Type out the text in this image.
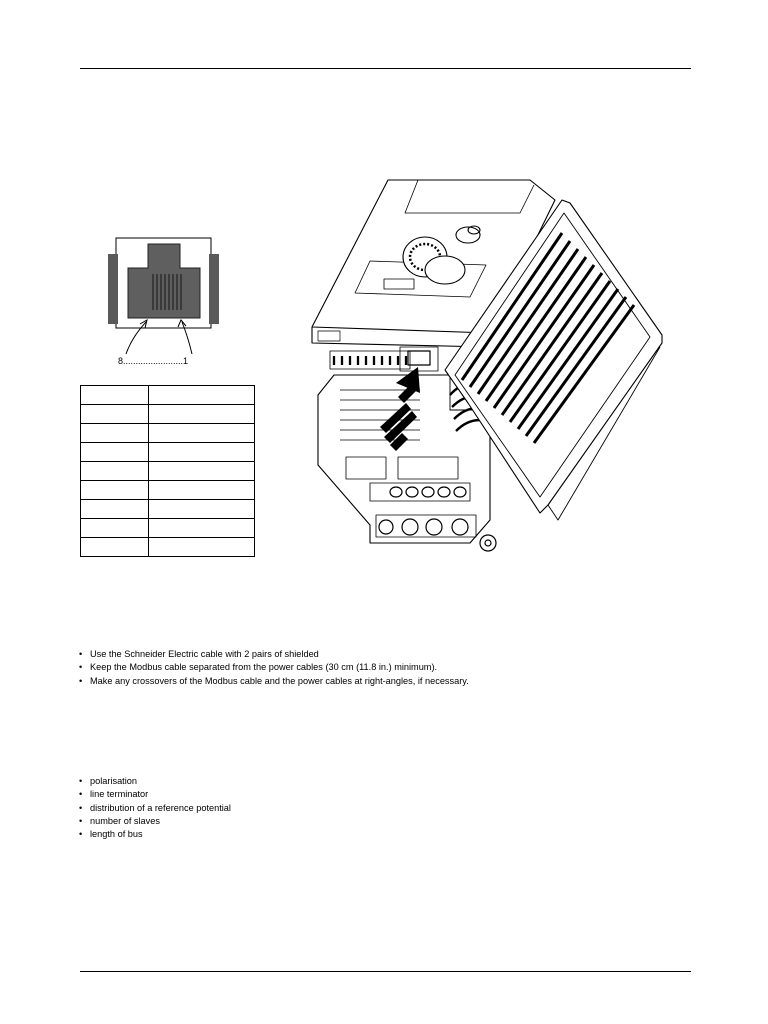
8........................1

• Use the Schneider Electric cable with 2 pairs of shielded
• Keep the Modbus cable separated from the power cables (30 cm (11.8 in.) minimum).
• Make any crossovers of the Modbus cable and the power cables at right-angles, if necessary.
• polarisation
• line terminator
• distribution of a reference potential
• number of slaves
• length of bus
